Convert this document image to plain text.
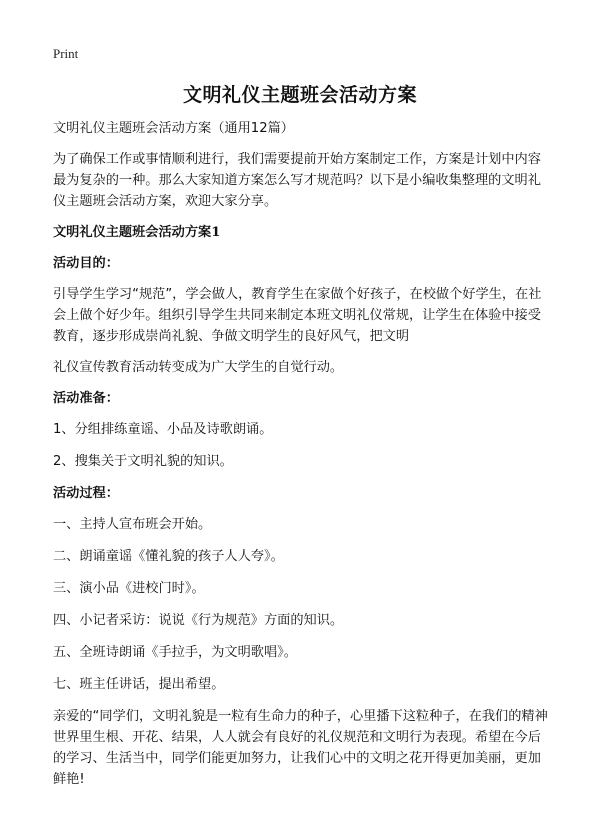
Print
文明礼仪主题班会活动方案

文明礼仪主题班会活动方案（通用12篇）

为了确保工作或事情顺利进行，我们需要提前开始方案制定工作，方案是计划中内容最为复杂的一种。那么大家知道方案怎么写才规范吗？以下是小编收集整理的文明礼仪主题班会活动方案，欢迎大家分享。

文明礼仪主题班会活动方案1

活动目的：

引导学生学习“规范”，学会做人，教育学生在家做个好孩子，在校做个好学生，在社会上做个好少年。组织引导学生共同来制定本班文明礼仪常规，让学生在体验中接受教育，逐步形成崇尚礼貌、争做文明学生的良好风气，把文明

礼仪宣传教育活动转变成为广大学生的自觉行动。

活动准备：

1、分组排练童谣、小品及诗歌朗诵。

2、搜集关于文明礼貌的知识。

活动过程：

一、主持人宣布班会开始。

二、朗诵童谣《懂礼貌的孩子人人夸》。

三、演小品《进校门时》。

四、小记者采访：说说《行为规范》方面的知识。

五、全班诗朗诵《手拉手，为文明歌唱》。

七、班主任讲话，提出希望。

亲爱的“同学们，文明礼貌是一粒有生命力的种子，心里播下这粒种子，在我们的精神世界里生根、开花、结果，人人就会有良好的礼仪规范和文明行为表现。希望在今后的学习、生活当中，同学们能更加努力，让我们心中的文明之花开得更加美丽，更加鲜艳!
